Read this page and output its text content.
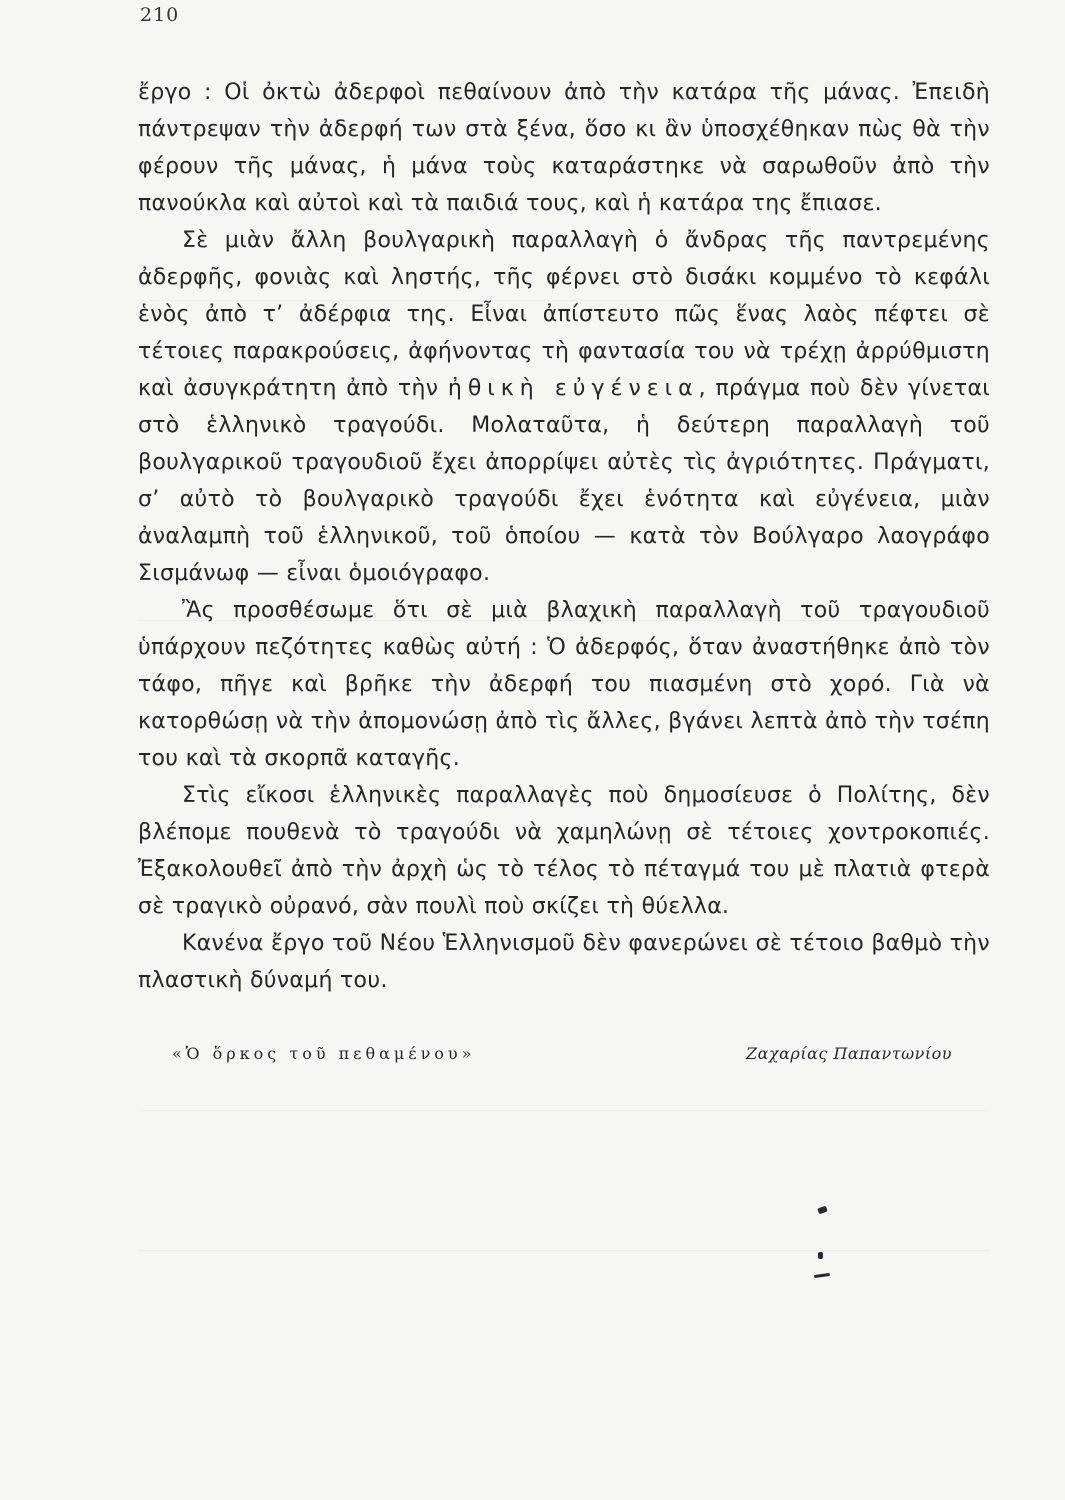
210

ἔργο : Οἱ ὀκτὼ ἀδερφοὶ πεθαίνουν ἀπὸ τὴν κατάρα τῆς μάνας. Ἐπειδὴ πάντρεψαν τὴν ἀδερφή των στὰ ξένα, ὅσο κι ἂν ὑποσχέθηκαν πὼς θὰ τὴν φέρουν τῆς μάνας, ἡ μάνα τοὺς καταράστηκε νὰ σαρωθοῦν ἀπὸ τὴν πανούκλα καὶ αὐτοὶ καὶ τὰ παιδιά τους, καὶ ἡ κατάρα της ἔπιασε.

Σὲ μιὰν ἄλλη βουλγαρικὴ παραλλαγὴ ὁ ἄνδρας τῆς παντρεμένης ἀδερφῆς, φονιὰς καὶ ληστής, τῆς φέρνει στὸ δισάκι κομμένο τὸ κεφάλι ἑνὸς ἀπὸ τ’ ἀδέρφια της. Εἶναι ἀπίστευτο πῶς ἕνας λαὸς πέφτει σὲ τέτοιες παρακρούσεις, ἀφήνοντας τὴ φαντασία του νὰ τρέχῃ ἀρρύθμιστη καὶ ἀσυγκράτητη ἀπὸ τὴν ἠθικὴ εὐγένεια, πράγμα ποὺ δὲν γίνεται στὸ ἑλληνικὸ τραγούδι. Μολαταῦτα, ἡ δεύτερη παραλλαγὴ τοῦ βουλγαρικοῦ τραγουδιοῦ ἔχει ἀπορρίψει αὐτὲς τὶς ἀγριότητες. Πράγματι, σ’ αὐτὸ τὸ βουλγαρικὸ τραγούδι ἔχει ἑνότητα καὶ εὐγένεια, μιὰν ἀναλαμπὴ τοῦ ἑλληνικοῦ, τοῦ ὁποίου — κατὰ τὸν Βούλγαρο λαογράφο Σισμάνωφ — εἶναι ὁμοιόγραφο.

Ἂς προσθέσωμε ὅτι σὲ μιὰ βλαχικὴ παραλλαγὴ τοῦ τραγουδιοῦ ὑπάρχουν πεζότητες καθὼς αὐτή : Ὁ ἀδερφός, ὅταν ἀναστήθηκε ἀπὸ τὸν τάφο, πῆγε καὶ βρῆκε τὴν ἀδερφή του πιασμένη στὸ χορό. Γιὰ νὰ κατορθώσῃ νὰ τὴν ἀπομονώσῃ ἀπὸ τὶς ἄλλες, βγάνει λεπτὰ ἀπὸ τὴν τσέπη του καὶ τὰ σκορπᾶ καταγῆς.

Στὶς εἴκοσι ἑλληνικὲς παραλλαγὲς ποὺ δημοσίευσε ὁ Πολίτης, δὲν βλέπομε πουθενὰ τὸ τραγούδι νὰ χαμηλώνῃ σὲ τέτοιες χοντροκοπιές. Ἐξακολουθεῖ ἀπὸ τὴν ἀρχὴ ὡς τὸ τέλος τὸ πέταγμά του μὲ πλατιὰ φτερὰ σὲ τραγικὸ οὐρανό, σὰν πουλὶ ποὺ σκίζει τὴ θύελλα.

Κανένα ἔργο τοῦ Νέου Ἑλληνισμοῦ δὲν φανερώνει σὲ τέτοιο βαθμὸ τὴν πλαστικὴ δύναμή του.

«Ὁ ὅρκος τοῦ πεθαμένου»	Ζαχαρίας Παπαντωνίου
